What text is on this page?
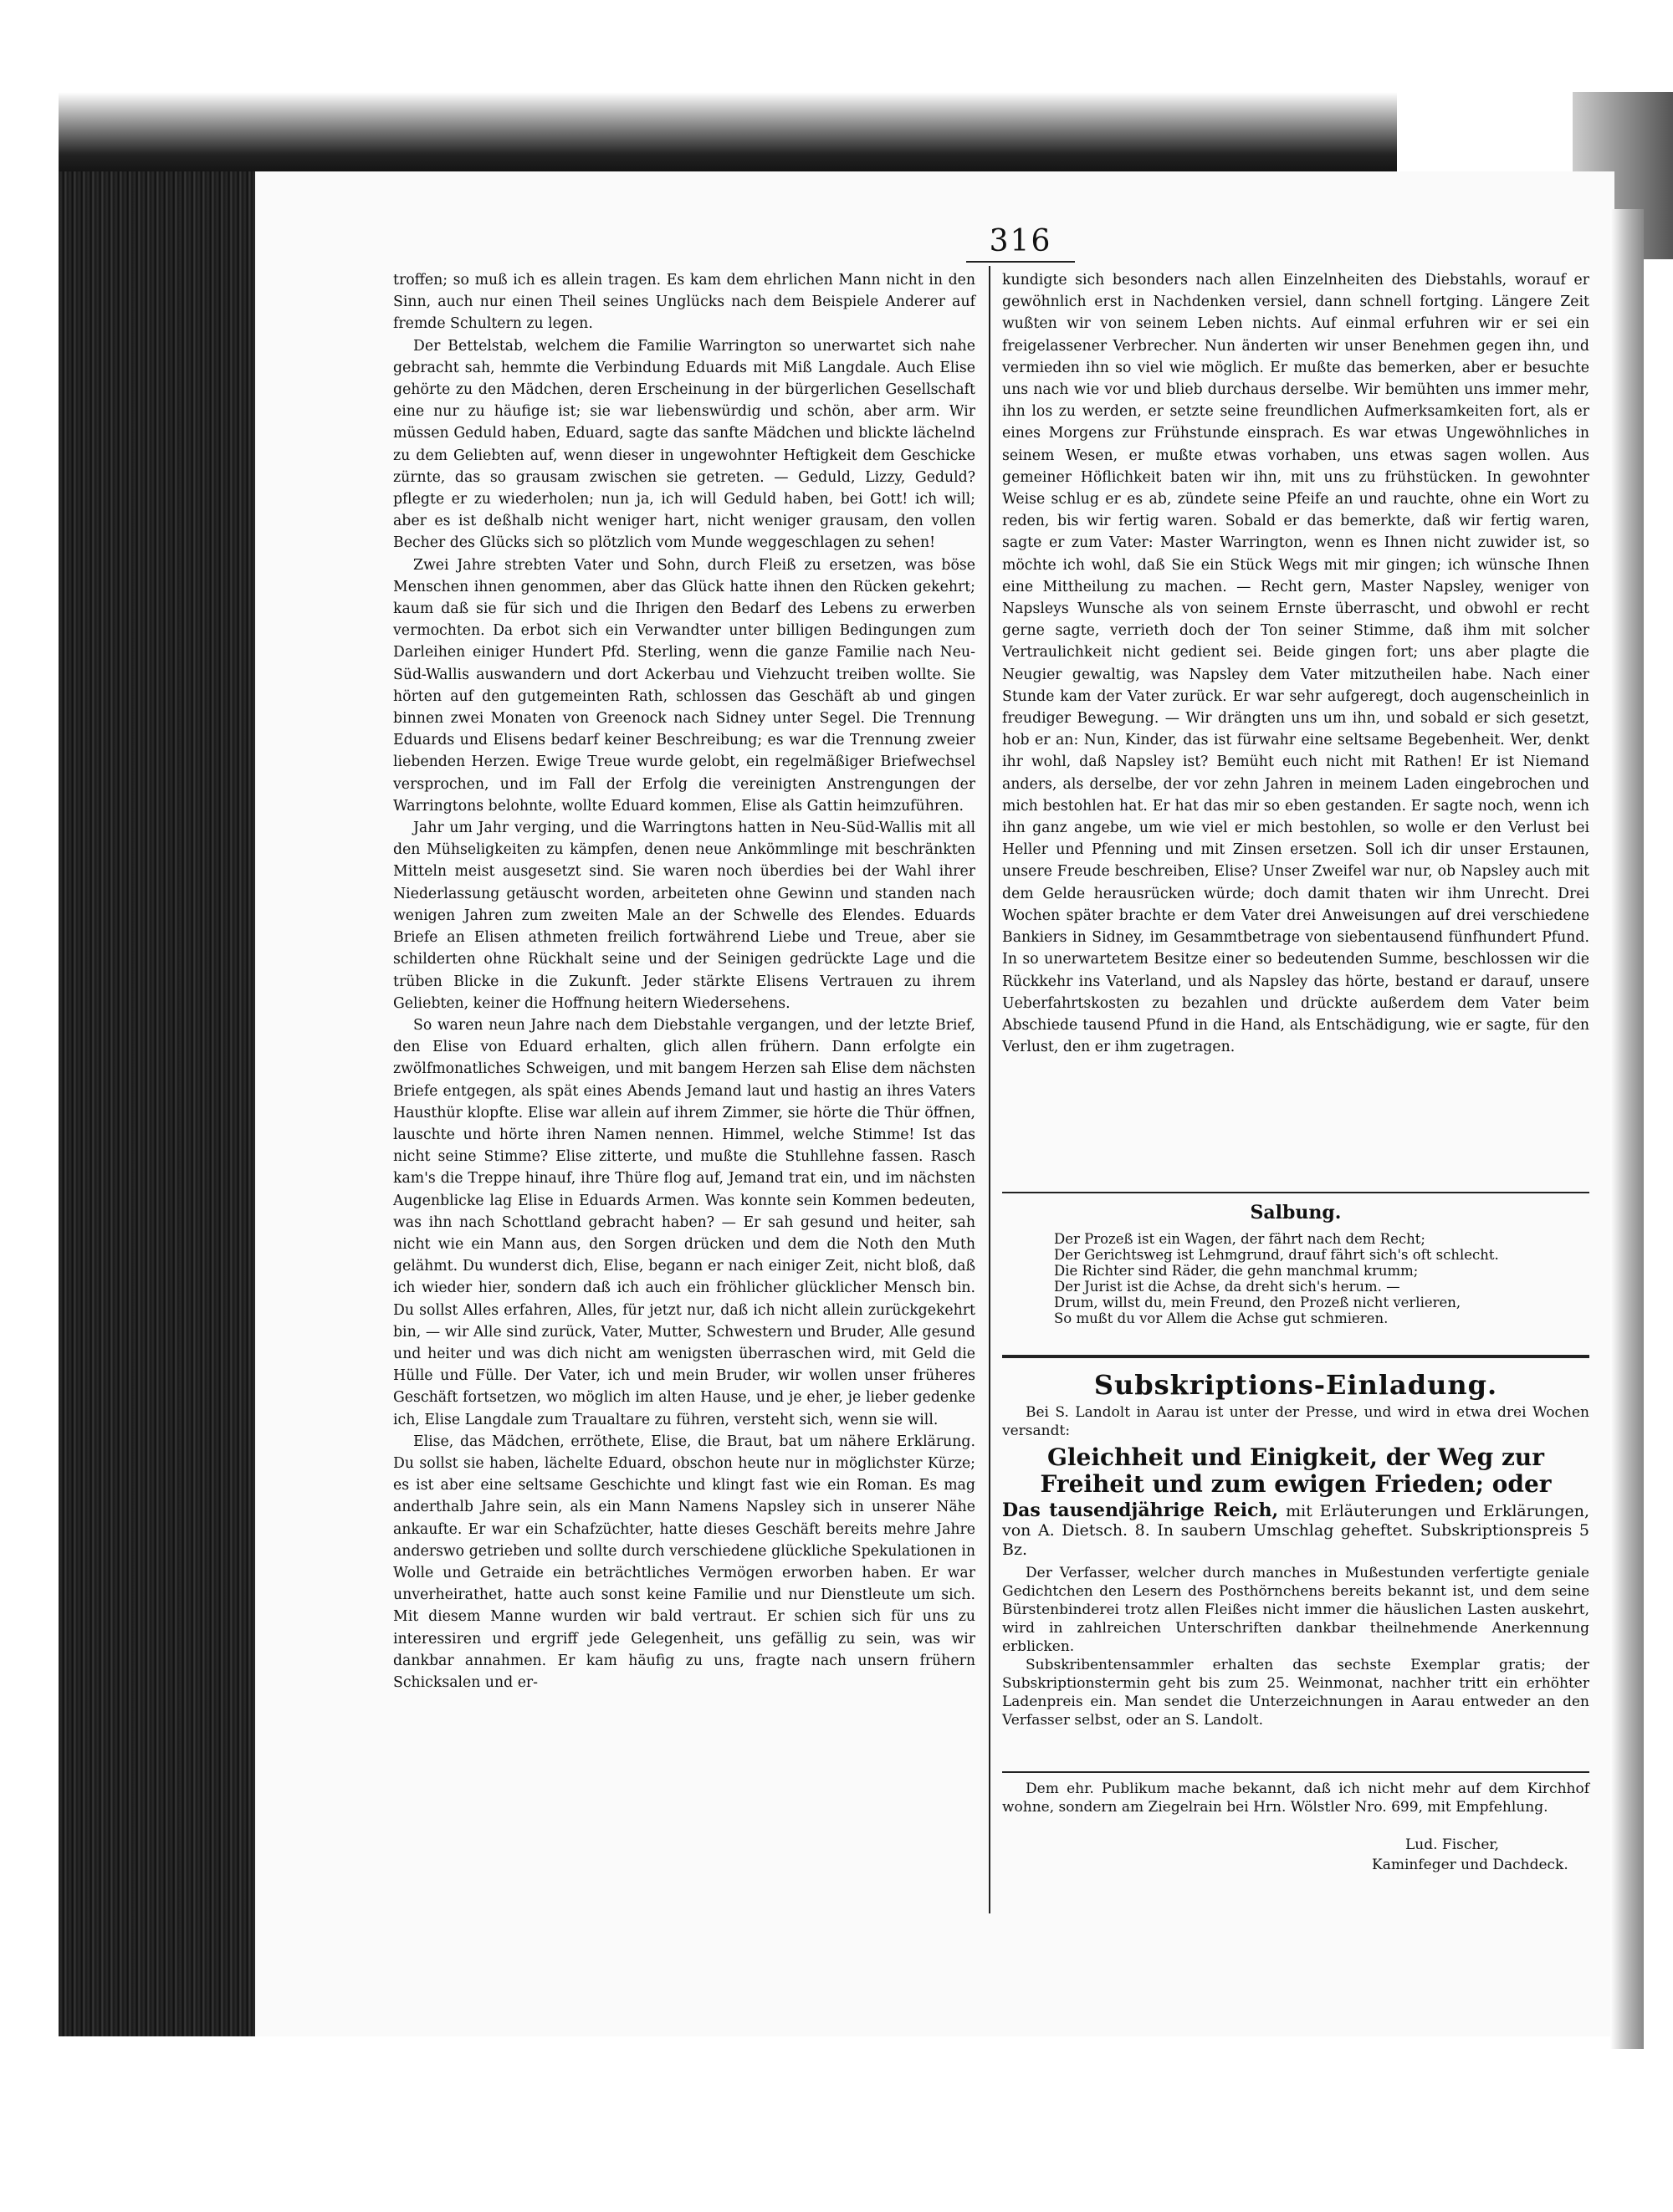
316

troffen; so muß ich es allein tragen. Es kam dem ehrlichen Mann nicht in den Sinn, auch nur einen Theil seines Unglücks nach dem Beispiele Anderer auf fremde Schultern zu legen.

Der Bettelstab, welchem die Familie Warrington so unerwartet sich nahe gebracht sah, hemmte die Verbindung Eduards mit Miß Langdale. Auch Elise gehörte zu den Mädchen, deren Erscheinung in der bürgerlichen Gesellschaft eine nur zu häufige ist; sie war liebenswürdig und schön, aber arm. Wir müssen Geduld haben, Eduard, sagte das sanfte Mädchen und blickte lächelnd zu dem Geliebten auf, wenn dieser in ungewohnter Heftigkeit dem Geschicke zürnte, das so grausam zwischen sie getreten. — Geduld, Lizzy, Geduld? pflegte er zu wiederholen; nun ja, ich will Geduld haben, bei Gott! ich will; aber es ist deßhalb nicht weniger hart, nicht weniger grausam, den vollen Becher des Glücks sich so plötzlich vom Munde weggeschlagen zu sehen!

Zwei Jahre strebten Vater und Sohn, durch Fleiß zu ersetzen, was böse Menschen ihnen genommen, aber das Glück hatte ihnen den Rücken gekehrt; kaum daß sie für sich und die Ihrigen den Bedarf des Lebens zu erwerben vermochten. Da erbot sich ein Verwandter unter billigen Bedingungen zum Darleihen einiger Hundert Pfd. Sterling, wenn die ganze Familie nach Neu-Süd-Wallis auswandern und dort Ackerbau und Viehzucht treiben wollte. Sie hörten auf den gutgemeinten Rath, schlossen das Geschäft ab und gingen binnen zwei Monaten von Greenock nach Sidney unter Segel. Die Trennung Eduards und Elisens bedarf keiner Beschreibung; es war die Trennung zweier liebenden Herzen. Ewige Treue wurde gelobt, ein regelmäßiger Briefwechsel versprochen, und im Fall der Erfolg die vereinigten Anstrengungen der Warringtons belohnte, wollte Eduard kommen, Elise als Gattin heimzuführen.

Jahr um Jahr verging, und die Warringtons hatten in Neu-Süd-Wallis mit all den Mühseligkeiten zu kämpfen, denen neue Ankömmlinge mit beschränkten Mitteln meist ausgesetzt sind. Sie waren noch überdies bei der Wahl ihrer Niederlassung getäuscht worden, arbeiteten ohne Gewinn und standen nach wenigen Jahren zum zweiten Male an der Schwelle des Elendes. Eduards Briefe an Elisen athmeten freilich fortwährend Liebe und Treue, aber sie schilderten ohne Rückhalt seine und der Seinigen gedrückte Lage und die trüben Blicke in die Zukunft. Jeder stärkte Elisens Vertrauen zu ihrem Geliebten, keiner die Hoffnung heitern Wiedersehens.

So waren neun Jahre nach dem Diebstahle vergangen, und der letzte Brief, den Elise von Eduard erhalten, glich allen frühern. Dann erfolgte ein zwölfmonatliches Schweigen, und mit bangem Herzen sah Elise dem nächsten Briefe entgegen, als spät eines Abends Jemand laut und hastig an ihres Vaters Hausthür klopfte. Elise war allein auf ihrem Zimmer, sie hörte die Thür öffnen, lauschte und hörte ihren Namen nennen. Himmel, welche Stimme! Ist das nicht seine Stimme? Elise zitterte, und mußte die Stuhllehne fassen. Rasch kam's die Treppe hinauf, ihre Thüre flog auf, Jemand trat ein, und im nächsten Augenblicke lag Elise in Eduards Armen. Was konnte sein Kommen bedeuten, was ihn nach Schottland gebracht haben? — Er sah gesund und heiter, sah nicht wie ein Mann aus, den Sorgen drücken und dem die Noth den Muth gelähmt. Du wunderst dich, Elise, begann er nach einiger Zeit, nicht bloß, daß ich wieder hier, sondern daß ich auch ein fröhlicher glücklicher Mensch bin. Du sollst Alles erfahren, Alles, für jetzt nur, daß ich nicht allein zurückgekehrt bin, — wir Alle sind zurück, Vater, Mutter, Schwestern und Bruder, Alle gesund und heiter und was dich nicht am wenigsten überraschen wird, mit Geld die Hülle und Fülle. Der Vater, ich und mein Bruder, wir wollen unser früheres Geschäft fortsetzen, wo möglich im alten Hause, und je eher, je lieber gedenke ich, Elise Langdale zum Traualtare zu führen, versteht sich, wenn sie will.

Elise, das Mädchen, erröthete, Elise, die Braut, bat um nähere Erklärung. Du sollst sie haben, lächelte Eduard, obschon heute nur in möglichster Kürze; es ist aber eine seltsame Geschichte und klingt fast wie ein Roman. Es mag anderthalb Jahre sein, als ein Mann Namens Napsley sich in unserer Nähe ankaufte. Er war ein Schafzüchter, hatte dieses Geschäft bereits mehre Jahre anderswo getrieben und sollte durch verschiedene glückliche Spekulationen in Wolle und Getraide ein beträchtliches Vermögen erworben haben. Er war unverheirathet, hatte auch sonst keine Familie und nur Dienstleute um sich. Mit diesem Manne wurden wir bald vertraut. Er schien sich für uns zu interessiren und ergriff jede Gelegenheit, uns gefällig zu sein, was wir dankbar annahmen. Er kam häufig zu uns, fragte nach unsern frühern Schicksalen und er-

kundigte sich besonders nach allen Einzelnheiten des Diebstahls, worauf er gewöhnlich erst in Nachdenken versiel, dann schnell fortging. Längere Zeit wußten wir von seinem Leben nichts. Auf einmal erfuhren wir er sei ein freigelassener Verbrecher. Nun änderten wir unser Benehmen gegen ihn, und vermieden ihn so viel wie möglich. Er mußte das bemerken, aber er besuchte uns nach wie vor und blieb durchaus derselbe. Wir bemühten uns immer mehr, ihn los zu werden, er setzte seine freundlichen Aufmerksamkeiten fort, als er eines Morgens zur Frühstunde einsprach. Es war etwas Ungewöhnliches in seinem Wesen, er mußte etwas vorhaben, uns etwas sagen wollen. Aus gemeiner Höflichkeit baten wir ihn, mit uns zu frühstücken. In gewohnter Weise schlug er es ab, zündete seine Pfeife an und rauchte, ohne ein Wort zu reden, bis wir fertig waren. Sobald er das bemerkte, daß wir fertig waren, sagte er zum Vater: Master Warrington, wenn es Ihnen nicht zuwider ist, so möchte ich wohl, daß Sie ein Stück Wegs mit mir gingen; ich wünsche Ihnen eine Mittheilung zu machen. — Recht gern, Master Napsley, weniger von Napsleys Wunsche als von seinem Ernste überrascht, und obwohl er recht gerne sagte, verrieth doch der Ton seiner Stimme, daß ihm mit solcher Vertraulichkeit nicht gedient sei. Beide gingen fort; uns aber plagte die Neugier gewaltig, was Napsley dem Vater mitzutheilen habe. Nach einer Stunde kam der Vater zurück. Er war sehr aufgeregt, doch augenscheinlich in freudiger Bewegung. — Wir drängten uns um ihn, und sobald er sich gesetzt, hob er an: Nun, Kinder, das ist fürwahr eine seltsame Begebenheit. Wer, denkt ihr wohl, daß Napsley ist? Bemüht euch nicht mit Rathen! Er ist Niemand anders, als derselbe, der vor zehn Jahren in meinem Laden eingebrochen und mich bestohlen hat. Er hat das mir so eben gestanden. Er sagte noch, wenn ich ihn ganz angebe, um wie viel er mich bestohlen, so wolle er den Verlust bei Heller und Pfenning und mit Zinsen ersetzen. Soll ich dir unser Erstaunen, unsere Freude beschreiben, Elise? Unser Zweifel war nur, ob Napsley auch mit dem Gelde herausrücken würde; doch damit thaten wir ihm Unrecht. Drei Wochen später brachte er dem Vater drei Anweisungen auf drei verschiedene Bankiers in Sidney, im Gesammtbetrage von siebentausend fünfhundert Pfund. In so unerwartetem Besitze einer so bedeutenden Summe, beschlossen wir die Rückkehr ins Vaterland, und als Napsley das hörte, bestand er darauf, unsere Ueberfahrtskosten zu bezahlen und drückte außerdem dem Vater beim Abschiede tausend Pfund in die Hand, als Entschädigung, wie er sagte, für den Verlust, den er ihm zugetragen.

Salbung.
Der Prozeß ist ein Wagen, der fährt nach dem Recht;
Der Gerichtsweg ist Lehmgrund, drauf fährt sich's oft schlecht.
Die Richter sind Räder, die gehn manchmal krumm;
Der Jurist ist die Achse, da dreht sich's herum. —
Drum, willst du, mein Freund, den Prozeß nicht verlieren,
So mußt du vor Allem die Achse gut schmieren.
Subskriptions-Einladung.

Bei S. Landolt in Aarau ist unter der Presse, und wird in etwa drei Wochen versandt:

Gleichheit und Einigkeit, der Weg zur Freiheit und zum ewigen Frieden; oder
Das tausendjährige Reich, mit Erläuterungen und Erklärungen, von A. Dietsch. 8. In saubern Umschlag geheftet. Subskriptionspreis 5 Bz.

Der Verfasser, welcher durch manches in Mußestunden verfertigte geniale Gedichtchen den Lesern des Posthörnchens bereits bekannt ist, und dem seine Bürstenbinderei trotz allen Fleißes nicht immer die häuslichen Lasten auskehrt, wird in zahlreichen Unterschriften dankbar theilnehmende Anerkennung erblicken.

Subskribentensammler erhalten das sechste Exemplar gratis; der Subskriptionstermin geht bis zum 25. Weinmonat, nachher tritt ein erhöhter Ladenpreis ein. Man sendet die Unterzeichnungen in Aarau entweder an den Verfasser selbst, oder an S. Landolt.

Dem ehr. Publikum mache bekannt, daß ich nicht mehr auf dem Kirchhof wohne, sondern am Ziegelrain bei Hrn. Wölstler Nro. 699, mit Empfehlung.

Lud. Fischer,
Kaminfeger und Dachdeck.
